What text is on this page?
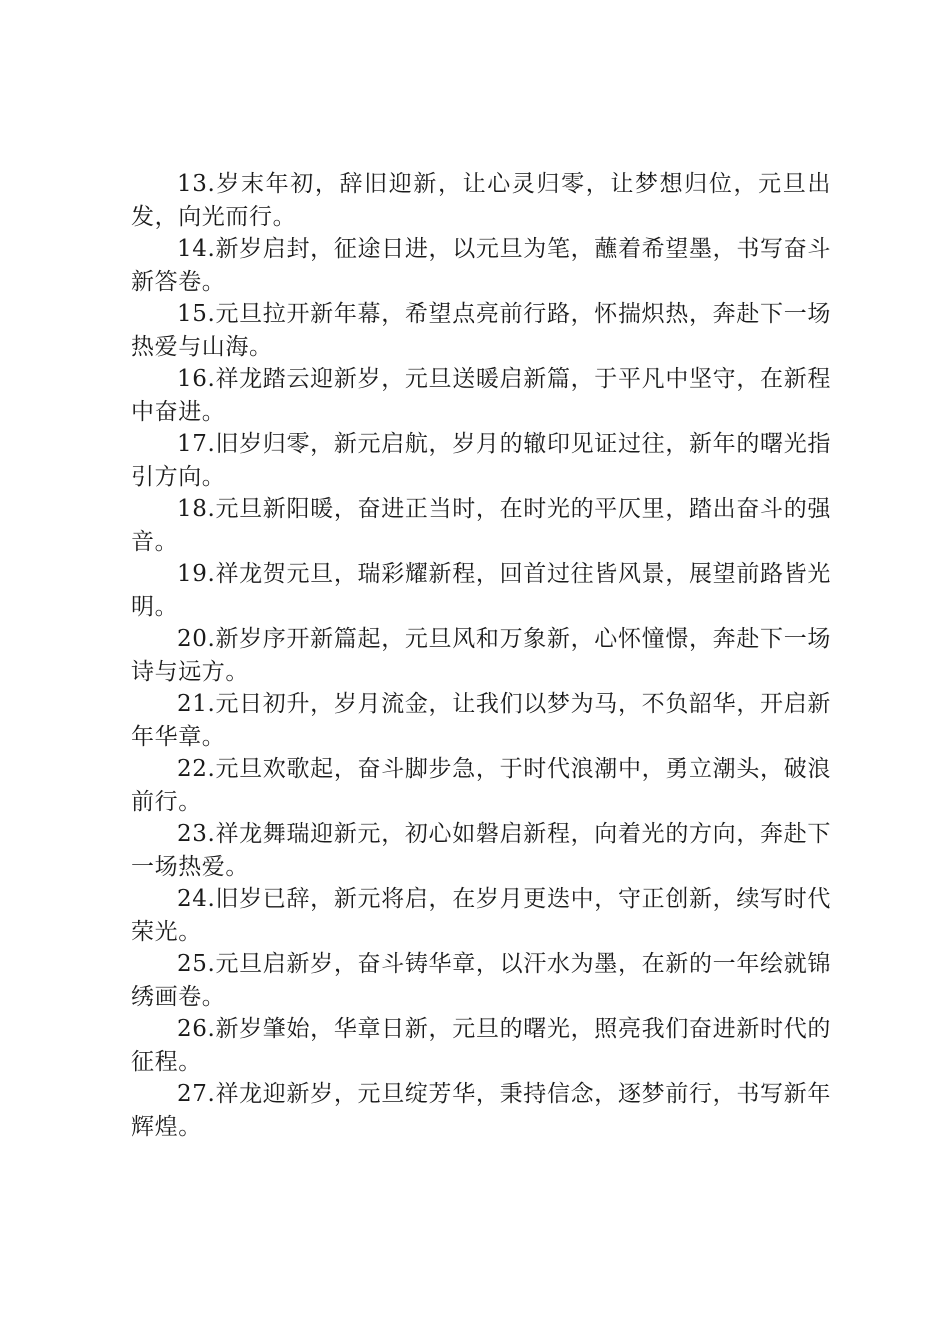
13.岁末年初，辞旧迎新，让心灵归零，让梦想归位，元旦出发，向光而行。

14.新岁启封，征途日进，以元旦为笔，蘸着希望墨，书写奋斗新答卷。

15.元旦拉开新年幕，希望点亮前行路，怀揣炽热，奔赴下一场热爱与山海。

16.祥龙踏云迎新岁，元旦送暖启新篇，于平凡中坚守，在新程中奋进。

17.旧岁归零，新元启航，岁月的辙印见证过往，新年的曙光指引方向。

18.元旦新阳暖，奋进正当时，在时光的平仄里，踏出奋斗的强音。

19.祥龙贺元旦，瑞彩耀新程，回首过往皆风景，展望前路皆光明。

20.新岁序开新篇起，元旦风和万象新，心怀憧憬，奔赴下一场诗与远方。

21.元日初升，岁月流金，让我们以梦为马，不负韶华，开启新年华章。

22.元旦欢歌起，奋斗脚步急，于时代浪潮中，勇立潮头，破浪前行。

23.祥龙舞瑞迎新元，初心如磐启新程，向着光的方向，奔赴下一场热爱。

24.旧岁已辞，新元将启，在岁月更迭中，守正创新，续写时代荣光。

25.元旦启新岁，奋斗铸华章，以汗水为墨，在新的一年绘就锦绣画卷。

26.新岁肇始，华章日新，元旦的曙光，照亮我们奋进新时代的征程。

27.祥龙迎新岁，元旦绽芳华，秉持信念，逐梦前行，书写新年辉煌。
